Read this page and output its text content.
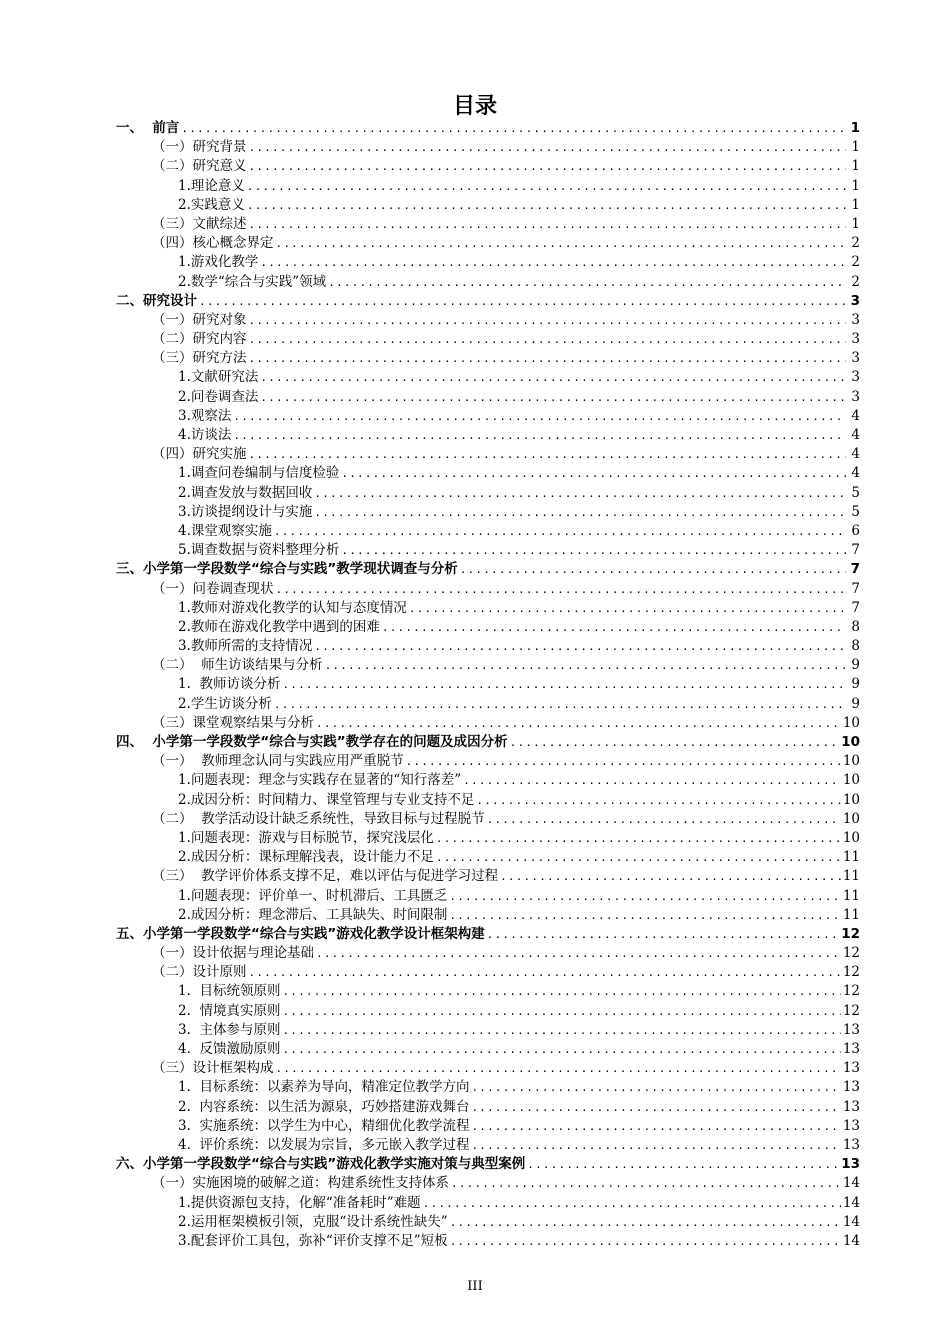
目录
一、  前言 .....	1
（一）研究背景 .....	1
（二）研究意义 .....	1
1.理论意义 .....	1
2.实践意义 .....	1
（三）文献综述 .....	1
（四）核心概念界定 .....	2
1.游戏化教学 .....	2
2.数学“综合与实践”领域 .....	2
二、研究设计 .....	3
（一）研究对象 .....	3
（二）研究内容 .....	3
（三）研究方法 .....	3
1.文献研究法 .....	3
2.问卷调查法 .....	3
3.观察法 .....	4
4.访谈法 .....	4
（四）研究实施 .....	4
1.调查问卷编制与信度检验 .....	4
2.调查发放与数据回收 .....	5
3.访谈提纲设计与实施 .....	5
4.课堂观察实施 .....	6
5.调查数据与资料整理分析 .....	7
三、小学第一学段数学“综合与实践”教学现状调查与分析 .....	7
（一）问卷调查现状 .....	7
1.教师对游戏化教学的认知与态度情况 .....	7
2.教师在游戏化教学中遇到的困难 .....	8
3.教师所需的支持情况 .....	8
（二）  师生访谈结果与分析 .....	9
1.  教师访谈分析 .....	9
2.学生访谈分析 .....	9
（三）课堂观察结果与分析 .....	10
四、  小学第一学段数学“综合与实践”教学存在的问题及成因分析 .....	10
（一）  教师理念认同与实践应用严重脱节 .....	10
1.问题表现：理念与实践存在显著的“知行落差” .....	10
2.成因分析：时间精力、课堂管理与专业支持不足 .....	10
（二）  教学活动设计缺乏系统性，导致目标与过程脱节 .....	10
1.问题表现：游戏与目标脱节，探究浅层化 .....	10
2.成因分析：课标理解浅表，设计能力不足 .....	11
（三）  教学评价体系支撑不足，难以评估与促进学习过程 .....	11
1.问题表现：评价单一、时机滞后、工具匮乏 .....	11
2.成因分析：理念滞后、工具缺失、时间限制 .....	11
五、小学第一学段数学“综合与实践”游戏化教学设计框架构建 .....	12
（一）设计依据与理论基础 .....	12
（二）设计原则 .....	12
1.  目标统领原则 .....	12
2.  情境真实原则 .....	12
3.  主体参与原则 .....	13
4.  反馈激励原则 .....	13
（三）设计框架构成 .....	13
1.  目标系统：以素养为导向，精准定位教学方向 .....	13
2.  内容系统：以生活为源泉，巧妙搭建游戏舞台 .....	13
3.  实施系统：以学生为中心，精细优化教学流程 .....	13
4.  评价系统：以发展为宗旨，多元嵌入教学过程 .....	13
六、小学第一学段数学“综合与实践”游戏化教学实施对策与典型案例 .....	13
（一）实施困境的破解之道：构建系统性支持体系 .....	14
1.提供资源包支持，化解“准备耗时”难题 .....	14
2.运用框架模板引领，克服“设计系统性缺失” .....	14
3.配套评价工具包，弥补“评价支撑不足”短板 .....	14
III
